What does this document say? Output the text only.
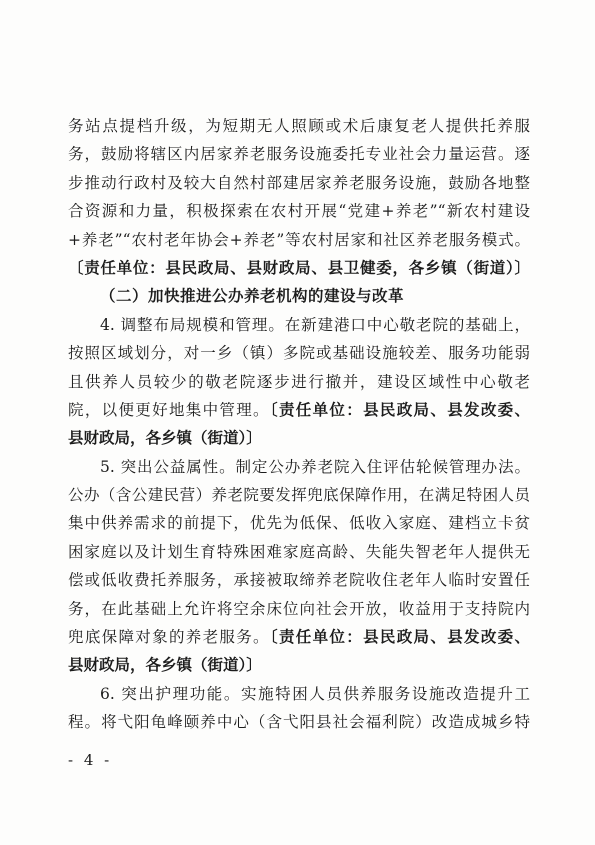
务站点提档升级，为短期无人照顾或术后康复老人提供托养服
务，鼓励将辖区内居家养老服务设施委托专业社会力量运营。逐
步推动行政村及较大自然村部建居家养老服务设施，鼓励各地整
合资源和力量，积极探索在农村开展“党建+养老”“新农村建设
+养老”“农村老年协会+养老”等农村居家和社区养老服务模式。
〔责任单位：县民政局、县财政局、县卫健委，各乡镇（街道）〕
（二）加快推进公办养老机构的建设与改革
4. 调整布局规模和管理。在新建港口中心敬老院的基础上，
按照区域划分，对一乡（镇）多院或基础设施较差、服务功能弱
且供养人员较少的敬老院逐步进行撤并，建设区域性中心敬老
院，以便更好地集中管理。〔责任单位：县民政局、县发改委、
县财政局，各乡镇（街道）〕
5. 突出公益属性。制定公办养老院入住评估轮候管理办法。
公办（含公建民营）养老院要发挥兜底保障作用，在满足特困人员
集中供养需求的前提下，优先为低保、低收入家庭、建档立卡贫
困家庭以及计划生育特殊困难家庭高龄、失能失智老年人提供无
偿或低收费托养服务，承接被取缔养老院收住老年人临时安置任
务，在此基础上允许将空余床位向社会开放，收益用于支持院内
兜底保障对象的养老服务。〔责任单位：县民政局、县发改委、
县财政局，各乡镇（街道）〕
6. 突出护理功能。实施特困人员供养服务设施改造提升工
程。将弋阳龟峰颐养中心（含弋阳县社会福利院）改造成城乡特
- 4 -
